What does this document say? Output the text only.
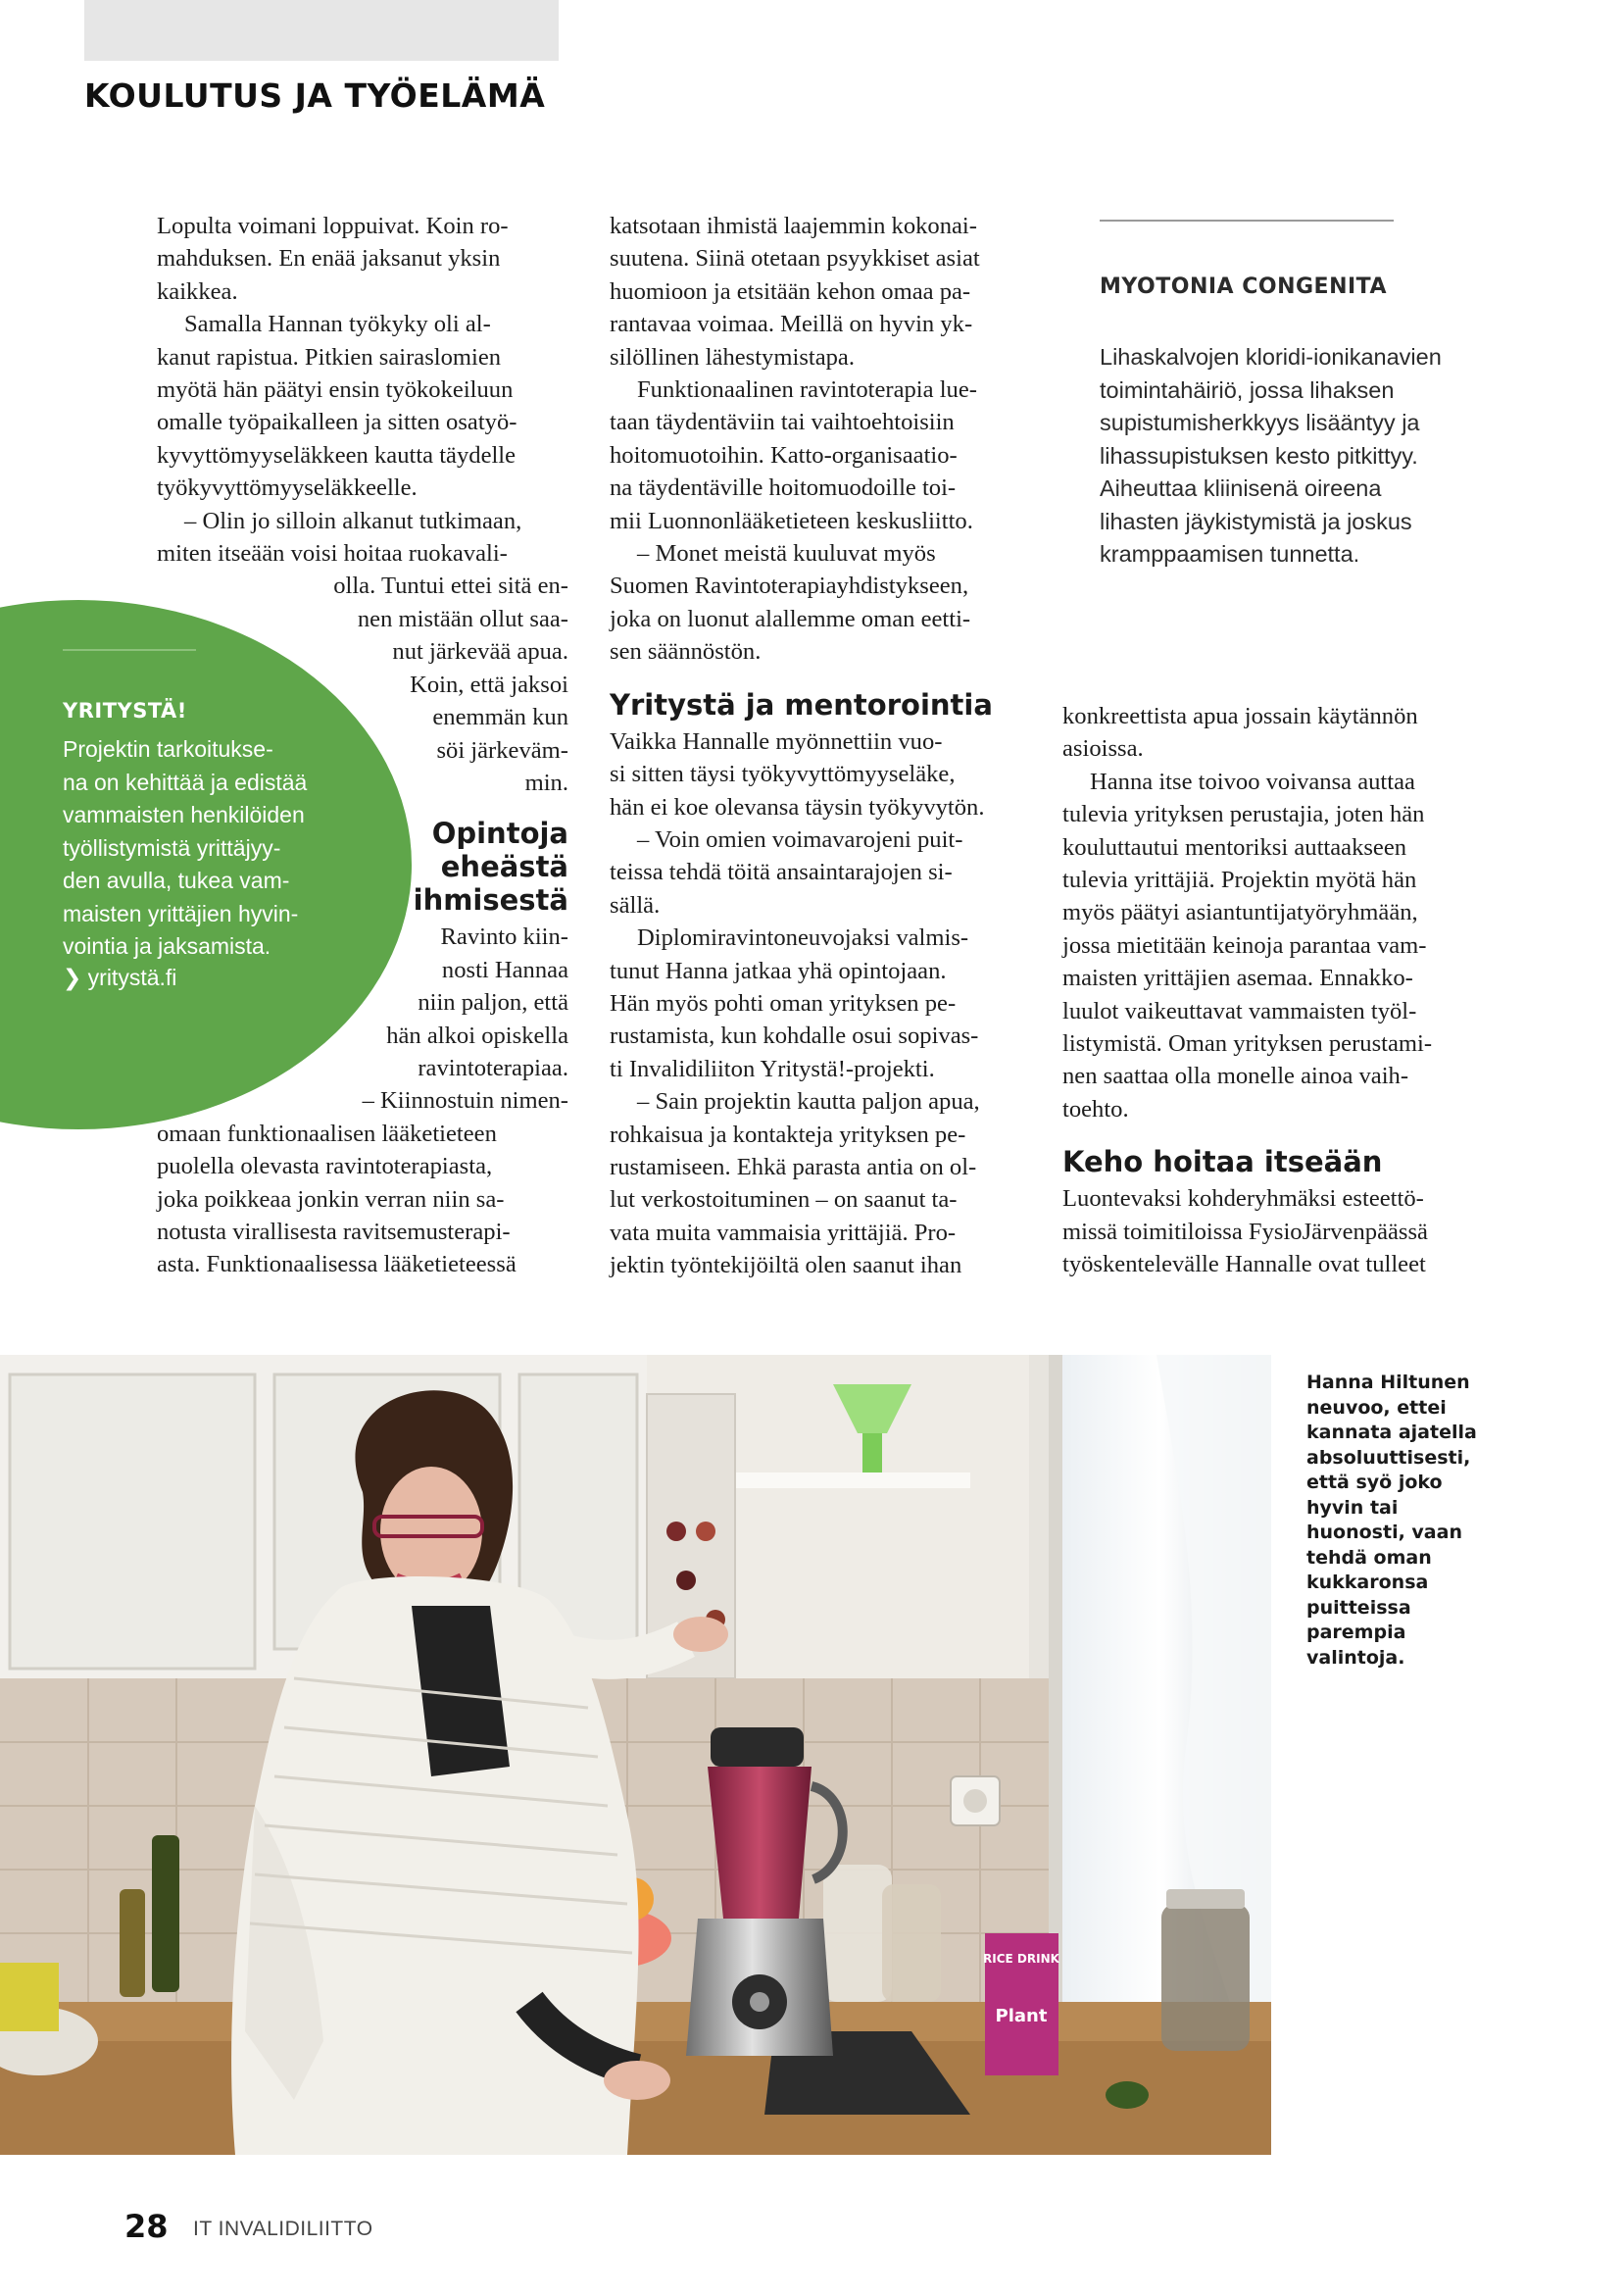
KOULUTUS JA TYÖELÄMÄ

Lopulta voimani loppuivat. Koin ro-
mahduksen. En enää jaksanut yksin
kaikkea.

Samalla Hannan työkyky oli al-
kanut rapistua. Pitkien sairaslomien
myötä hän päätyi ensin työkokeiluun
omalle työpaikalleen ja sitten osatyö-
kyvyttömyyseläkkeen kautta täydelle
työkyvyttömyyseläkkeelle.

– Olin jo silloin alkanut tutkimaan,
miten itseään voisi hoitaa ruokavali-

olla. Tuntui ettei sitä en-
nen mistään ollut saa-
nut järkevää apua.
Koin, että jaksoi
enemmän kun
söi järkeväm-
min.
Opintoja
eheästä
ihmisestä
Ravinto kiin-
nosti Hannaa
niin paljon, että
hän alkoi opiskella
ravintoterapiaa.
– Kiinnostuin nimen-

omaan funktionaalisen lääketieteen
puolella olevasta ravintoterapiasta,
joka poikkeaa jonkin verran niin sa-
notusta virallisesta ravitsemusterapi-
asta. Funktionaalisessa lääketieteessä

katsotaan ihmistä laajemmin kokonai-
suutena. Siinä otetaan psyykkiset asiat
huomioon ja etsitään kehon omaa pa-
rantavaa voimaa. Meillä on hyvin yk-
silöllinen lähestymistapa.

Funktionaalinen ravintoterapia lue-
taan täydentäviin tai vaihtoehtoisiin
hoitomuotoihin. Katto-organisaatio-
na täydentäville hoitomuodoille toi-
mii Luonnonlääketieteen keskusliitto.

– Monet meistä kuuluvat myös
Suomen Ravintoterapiayhdistykseen,
joka on luonut alallemme oman eetti-
sen säännöstön.

Yritystä ja mentorointia

Vaikka Hannalle myönnettiin vuo-
si sitten täysi työkyvyttömyyseläke,
hän ei koe olevansa täysin työkyvytön.

– Voin omien voimavarojeni puit-
teissa tehdä töitä ansaintarajojen si-
sällä.

Diplomiravintoneuvojaksi valmis-
tunut Hanna jatkaa yhä opintojaan.
Hän myös pohti oman yrityksen pe-
rustamista, kun kohdalle osui sopivas-
ti Invalidiliiton Yritystä!-projekti.

– Sain projektin kautta paljon apua,
rohkaisua ja kontakteja yrityksen pe-
rustamiseen. Ehkä parasta antia on ol-
lut verkostoituminen – on saanut ta-
vata muita vammaisia yrittäjiä. Pro-
jektin työntekijöiltä olen saanut ihan

konkreettista apua jossain käytännön
asioissa.

Hanna itse toivoo voivansa auttaa
tulevia yrityksen perustajia, joten hän
kouluttautui mentoriksi auttaakseen
tulevia yrittäjiä. Projektin myötä hän
myös päätyi asiantuntijatyöryhmään,
jossa mietitään keinoja parantaa vam-
maisten yrittäjien asemaa. Ennakko-
luulot vaikeuttavat vammaisten työl-
listymistä. Oman yrityksen perustami-
nen saattaa olla monelle ainoa vaih-
toehto.

Keho hoitaa itseään

Luontevaksi kohderyhmäksi esteettö-
missä toimitiloissa FysioJärvenpäässä
työskentelevälle Hannalle ovat tulleet

MYOTONIA CONGENITA
Lihaskalvojen kloridi-ionikanavien
toimintahäiriö, jossa lihaksen
supistumisherkkyys lisääntyy ja
lihassupistuksen kesto pitkittyy.
Aiheuttaa kliinisenä oireena
lihasten jäykistymistä ja joskus
kramppaamisen tunnetta.
YRITYSTÄ!
Projektin tarkoitukse-
na on kehittää ja edistää
vammaisten henkilöiden
työllistymistä yrittäjyy-
den avulla, tukea vam-
maisten yrittäjien hyvin-
vointia ja jaksamista.
❯ yritystä.fi
RICE DRINK
Plant
Hanna Hiltunen
neuvoo, ettei
kannata ajatella
absoluuttisesti,
että syö joko
hyvin tai
huonosti, vaan
tehdä oman
kukkaronsa
puitteissa
parempia
valintoja.
28 IT INVALIDILIITTO
